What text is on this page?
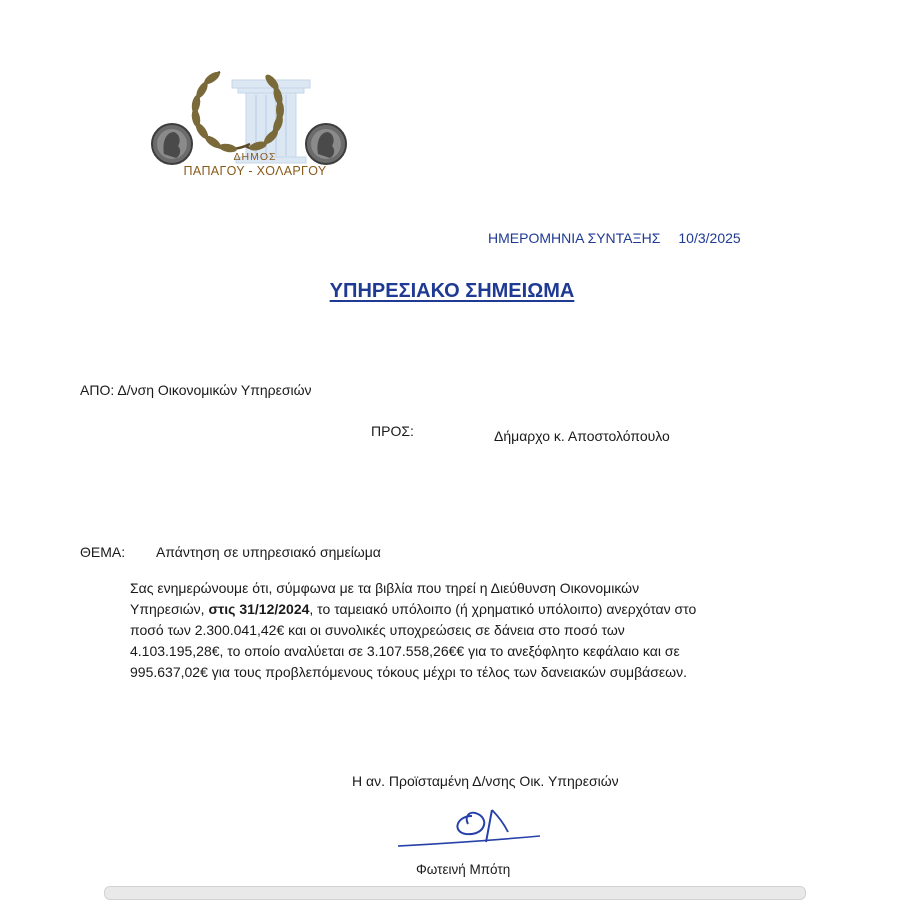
ΔΗΜΟΣ
ΠΑΠΑΓΟΥ - ΧΟΛΑΡΓΟΥ
ΗΜΕΡΟΜΗΝΙΑ ΣΥΝΤΑΞΗΣ 10/3/2025
ΥΠΗΡΕΣΙΑΚΟ ΣΗΜΕΙΩΜΑ
ΑΠΟ: Δ/νση Οικονομικών Υπηρεσιών
ΠΡΟΣ:	Δήμαρχο κ. Αποστολόπουλο
ΘΕΜΑ: Απάντηση σε υπηρεσιακό σημείωμα
Σας ενημερώνουμε ότι, σύμφωνα με τα βιβλία που τηρεί η Διεύθυνση Οικονομικών
Υπηρεσιών, στις 31/12/2024, το ταμειακό υπόλοιπο (ή χρηματικό υπόλοιπο) ανερχόταν στο
ποσό των 2.300.041,42€ και οι συνολικές υποχρεώσεις σε δάνεια στο ποσό των
4.103.195,28€, το οποίο αναλύεται σε 3.107.558,26€€ για το ανεξόφλητο κεφάλαιο και σε
995.637,02€ για τους προβλεπόμενους τόκους μέχρι το τέλος των δανειακών συμβάσεων.
Η αν. Προϊσταμένη Δ/νσης Οικ. Υπηρεσιών
Φωτεινή Μπότη
